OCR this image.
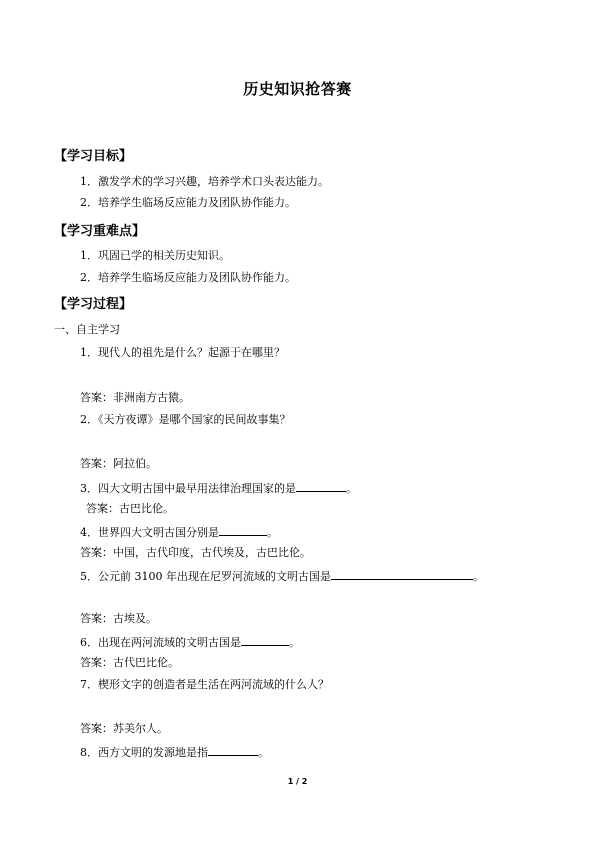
历史知识抢答赛
【学习目标】
1．激发学术的学习兴趣，培养学术口头表达能力。
2．培养学生临场反应能力及团队协作能力。
【学习重难点】
1．巩固已学的相关历史知识。
2．培养学生临场反应能力及团队协作能力。
【学习过程】
一、自主学习
1．现代人的祖先是什么？起源于在哪里？
答案：非洲南方古猿。
2．《天方夜谭》是哪个国家的民间故事集？
答案：阿拉伯。
3．四大文明古国中最早用法律治理国家的是	。
答案：古巴比伦。
4．世界四大文明古国分别是	。
答案：中国，古代印度，古代埃及，古巴比伦。
5．公元前 3100 年出现在尼罗河流域的文明古国是	。
答案：古埃及。
6．出现在两河流域的文明古国是	。
答案：古代巴比伦。
7．楔形文字的创造者是生活在两河流域的什么人？
答案：苏美尔人。
8．西方文明的发源地是指	。
1 / 2
